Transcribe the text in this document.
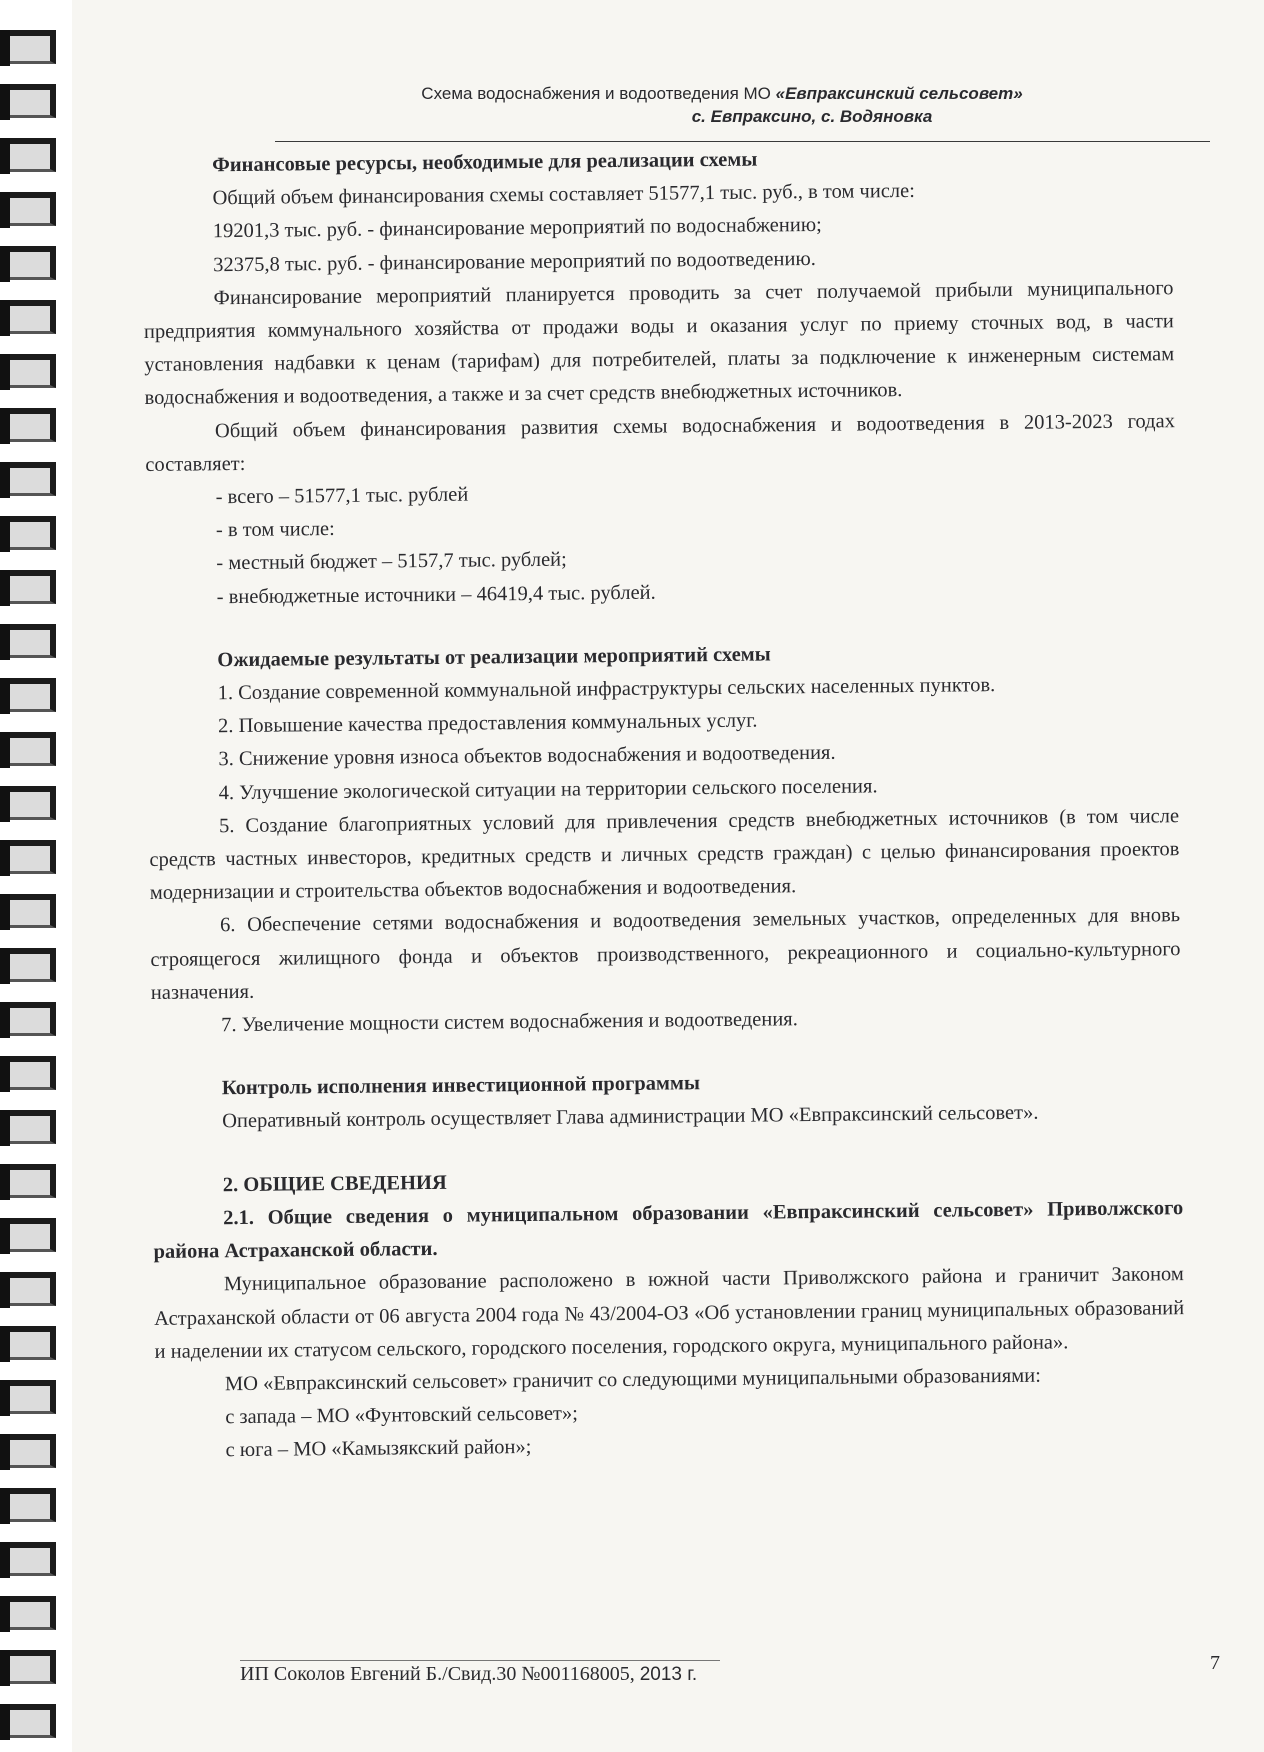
Схема водоснабжения и водоотведения МО «Евпраксинский сельсовет»
с. Евпраксино, с. Водяновка

Финансовые ресурсы, необходимые для реализации схемы

Общий объем финансирования схемы составляет 51577,1 тыс. руб., в том числе:

19201,3 тыс. руб. - финансирование мероприятий по водоснабжению;

32375,8 тыс. руб. - финансирование мероприятий по водоотведению.

Финансирование мероприятий планируется проводить за счет получаемой прибыли муниципального предприятия коммунального хозяйства от продажи воды и оказания услуг по приему сточных вод, в части установления надбавки к ценам (тарифам) для потребителей, платы за подключение к инженерным системам водоснабжения и водоотведения, а также и за счет средств внебюджетных источников.

Общий объем финансирования развития схемы водоснабжения и водоотведения в 2013-2023 годах составляет:

- всего – 51577,1 тыс. рублей

- в том числе:

- местный бюджет – 5157,7 тыс. рублей;

- внебюджетные источники – 46419,4 тыс. рублей.

Ожидаемые результаты от реализации мероприятий схемы

1. Создание современной коммунальной инфраструктуры сельских населенных пунктов.

2. Повышение качества предоставления коммунальных услуг.

3. Снижение уровня износа объектов водоснабжения и водоотведения.

4. Улучшение экологической ситуации на территории сельского поселения.

5. Создание благоприятных условий для привлечения средств внебюджетных источников (в том числе средств частных инвесторов, кредитных средств и личных средств граждан) с целью финансирования проектов модернизации и строительства объектов водоснабжения и водоотведения.

6. Обеспечение сетями водоснабжения и водоотведения земельных участков, определенных для вновь строящегося жилищного фонда и объектов производственного, рекреационного и социально-культурного назначения.

7. Увеличение мощности систем водоснабжения и водоотведения.

Контроль исполнения инвестиционной программы

Оперативный контроль осуществляет Глава администрации МО «Евпраксинский сельсовет».

2. ОБЩИЕ СВЕДЕНИЯ

2.1. Общие сведения о муниципальном образовании «Евпраксинский сельсовет» Приволжского района Астраханской области.

Муниципальное образование расположено в южной части Приволжского района и граничит Законом Астраханской области от 06 августа 2004 года № 43/2004-ОЗ «Об установлении границ муниципальных образований и наделении их статусом сельского, городского поселения, городского округа, муниципального района».

МО «Евпраксинский сельсовет» граничит со следующими муниципальными образованиями:

с запада – МО «Фунтовский сельсовет»;

с юга – МО «Камызякский район»;

ИП Соколов Евгений Б./Свид.30 №001168005, 2013 г.
7
